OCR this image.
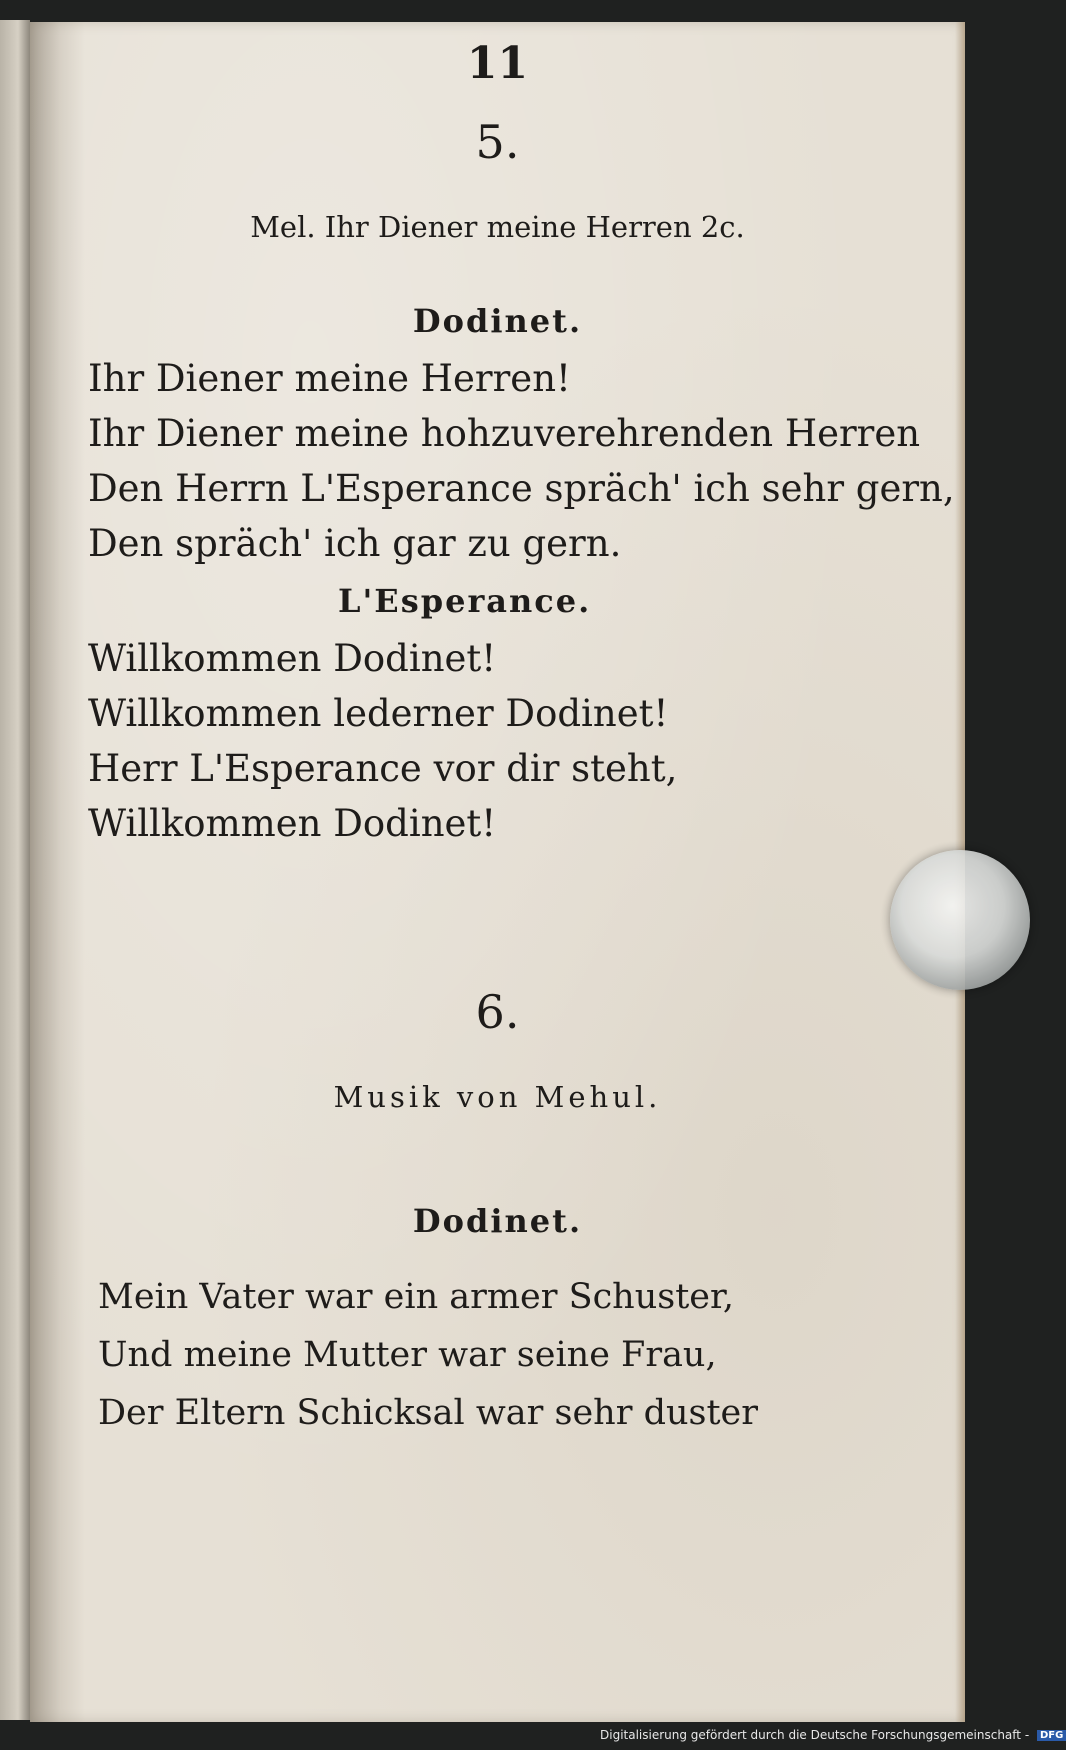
11
5.
Mel. Ihr Diener meine Herren 2c.
Dodinet.
Ihr Diener meine Herren!
Ihr Diener meine hohzuverehrenden Herren
Den Herrn L'Esperance spräch' ich sehr gern,
Den spräch' ich gar zu gern.
L'Esperance.
Willkommen Dodinet!
Willkommen lederner Dodinet!
Herr L'Esperance vor dir steht,
Willkommen Dodinet!
6.
Musik von Mehul.
Dodinet.
Mein Vater war ein armer Schuster,
Und meine Mutter war seine Frau,
Der Eltern Schicksal war sehr duster
Digitalisierung gefördert durch die Deutsche Forschungsgemeinschaft - DFG
